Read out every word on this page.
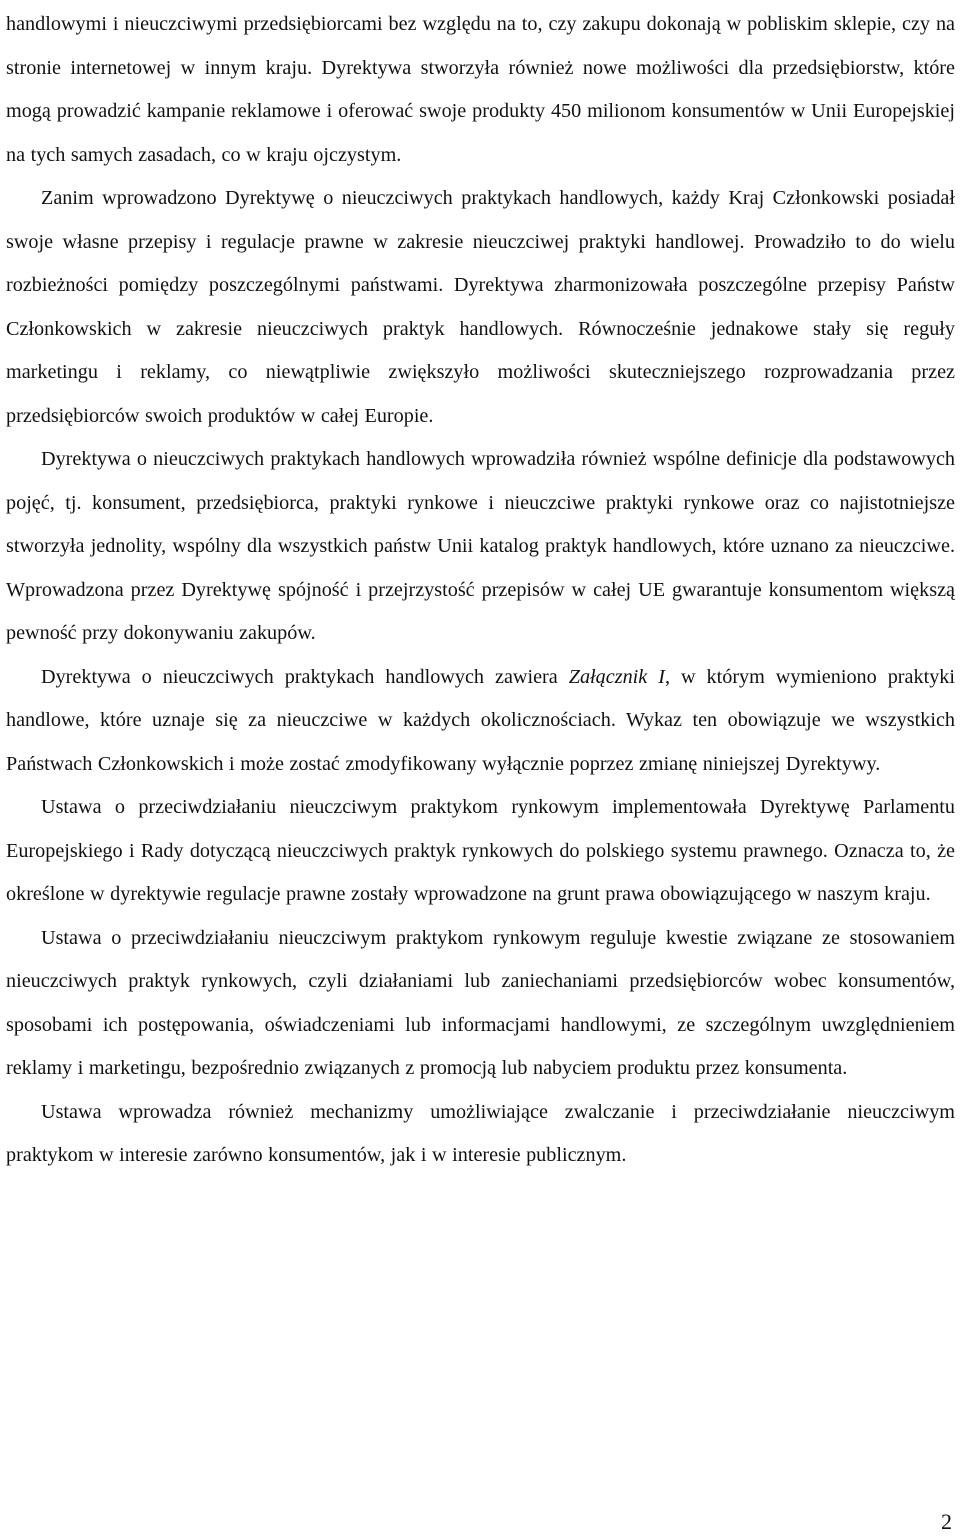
handlowymi i nieuczciwymi przedsiębiorcami bez względu na to, czy zakupu dokonają w pobliskim sklepie, czy na stronie internetowej w innym kraju. Dyrektywa stworzyła również nowe możliwości dla przedsiębiorstw, które mogą prowadzić kampanie reklamowe i oferować swoje produkty 450 milionom konsumentów w Unii Europejskiej na tych samych zasadach, co w kraju ojczystym.

Zanim wprowadzono Dyrektywę o nieuczciwych praktykach handlowych, każdy Kraj Członkowski posiadał swoje własne przepisy i regulacje prawne w zakresie nieuczciwej praktyki handlowej. Prowadziło to do wielu rozbieżności pomiędzy poszczególnymi państwami. Dyrektywa zharmonizowała poszczególne przepisy Państw Członkowskich w zakresie nieuczciwych praktyk handlowych. Równocześnie jednakowe stały się reguły marketingu i reklamy, co niewątpliwie zwiększyło możliwości skuteczniejszego rozprowadzania przez przedsiębiorców swoich produktów w całej Europie.

Dyrektywa o nieuczciwych praktykach handlowych wprowadziła również wspólne definicje dla podstawowych pojęć, tj. konsument, przedsiębiorca, praktyki rynkowe i nieuczciwe praktyki rynkowe oraz co najistotniejsze stworzyła jednolity, wspólny dla wszystkich państw Unii katalog praktyk handlowych, które uznano za nieuczciwe. Wprowadzona przez Dyrektywę spójność i przejrzystość przepisów w całej UE gwarantuje konsumentom większą pewność przy dokonywaniu zakupów.

Dyrektywa o nieuczciwych praktykach handlowych zawiera Załącznik I, w którym wymieniono praktyki handlowe, które uznaje się za nieuczciwe w każdych okolicznościach. Wykaz ten obowiązuje we wszystkich Państwach Członkowskich i może zostać zmodyfikowany wyłącznie poprzez zmianę niniejszej Dyrektywy.

Ustawa o przeciwdziałaniu nieuczciwym praktykom rynkowym implementowała Dyrektywę Parlamentu Europejskiego i Rady dotyczącą nieuczciwych praktyk rynkowych do polskiego systemu prawnego. Oznacza to, że określone w dyrektywie regulacje prawne zostały wprowadzone na grunt prawa obowiązującego w naszym kraju.

Ustawa o przeciwdziałaniu nieuczciwym praktykom rynkowym reguluje kwestie związane ze stosowaniem nieuczciwych praktyk rynkowych, czyli działaniami lub zaniechaniami przedsiębiorców wobec konsumentów, sposobami ich postępowania, oświadczeniami lub informacjami handlowymi, ze szczególnym uwzględnieniem reklamy i marketingu, bezpośrednio związanych z promocją lub nabyciem produktu przez konsumenta.

Ustawa wprowadza również mechanizmy umożliwiające zwalczanie i przeciwdziałanie nieuczciwym praktykom w interesie zarówno konsumentów, jak i w interesie publicznym.

2
